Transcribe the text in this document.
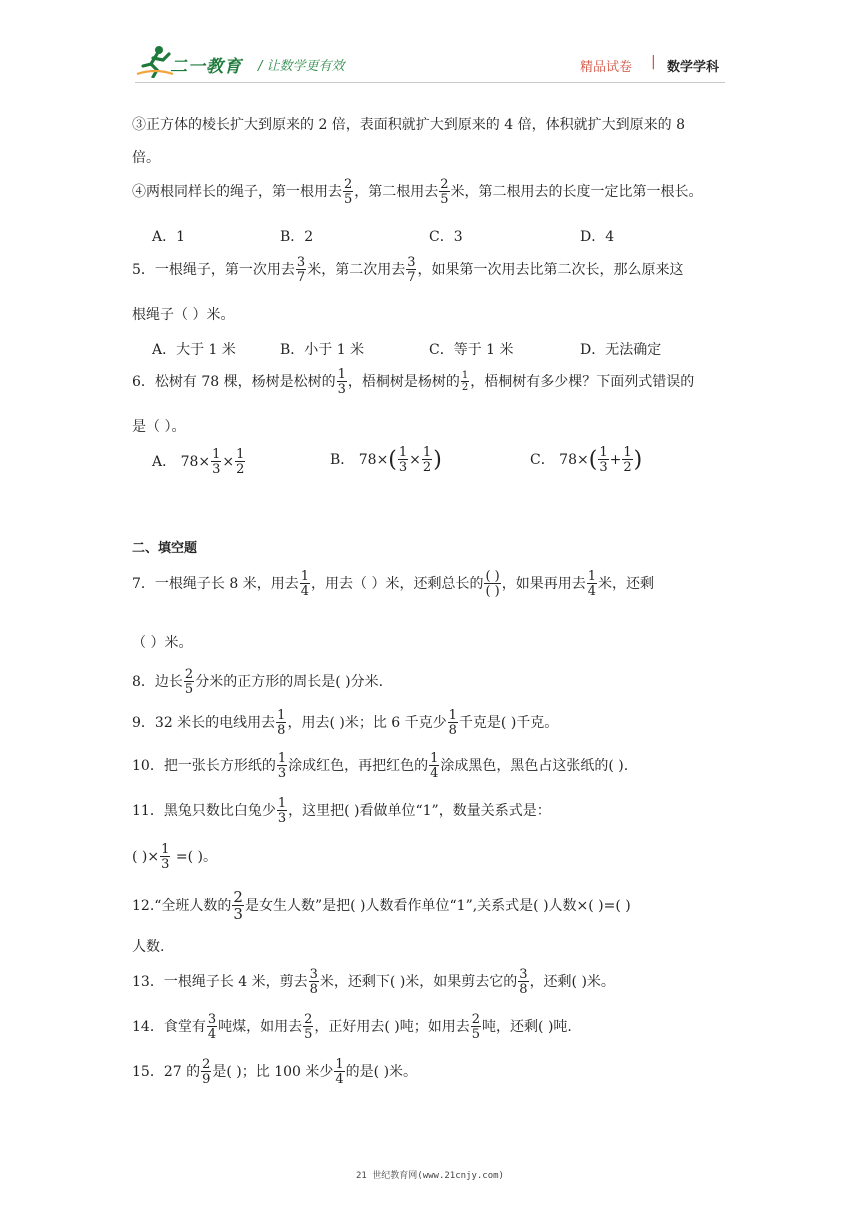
二一教育 / 让数学更有效	精品试卷 | 数学学科
③正方体的棱长扩大到原来的 2 倍，表面积就扩大到原来的 4 倍，体积就扩大到原来的 8
倍。
④两根同样长的绳子，第一根用去 $\frac{2}{5}$ ，第二根用去 $\frac{2}{5}$ 米，第二根用去的长度一定比第一根长。
A．1	B．2	C．3	D．4
5．一根绳子，第一次用去 $\frac{3}{7}$ 米，第二次用去 $\frac{3}{7}$ ，如果第一次用去比第二次长，那么原来这
根绳子（ ）米。
A．大于 1 米	B．小于 1 米	C．等于 1 米	D．无法确定
6．松树有 78 棵，杨树是松树的 $\frac{1}{3}$ ，梧桐树是杨树的 $\frac{1}{2}$ ，梧桐树有多少棵？下面列式错误的
是（ ）。
A． $78\times \frac{1}{3} \times \frac{1}{2}$	B． $78\times( \frac{1}{3} \times \frac{1}{2}$ )	C． $78\times( \frac{1}{3} + \frac{1}{2}$ )
二、填空题
7．一根绳子长 8 米，用去 $\frac{1}{4}$ ，用去（ ）米，还剩总长的 $\frac{( )}{( )}$ ，如果再用去 $\frac{1}{4}$ 米，还剩
（ ）米。
8．边长 $\frac{2}{5}$ 分米的正方形的周长是( )分米.
9．32 米长的电线用去 $\frac{1}{8}$ ，用去( )米；比 6 千克少 $\frac{1}{8}$ 千克是( )千克。
10．把一张长方形纸的 $\frac{1}{3}$ 涂成红色，再把红色的 $\frac{1}{4}$ 涂成黑色，黑色占这张纸的( ).
11．黑兔只数比白兔少 $\frac{1}{3}$ ，这里把( )看做单位“1”，数量关系式是：
( )× $\frac{1}{3}$ =( )。
12.“全班人数的 $\frac{2}{3}$ 是女生人数”是把( )人数看作单位“1”,关系式是( )人数×( )=( )
人数.
13．一根绳子长 4 米，剪去 $\frac{3}{8}$ 米，还剩下( )米，如果剪去它的 $\frac{3}{8}$ ，还剩( )米。
14．食堂有 $\frac{3}{4}$ 吨煤，如用去 $\frac{2}{5}$ ，正好用去( )吨；如用去 $\frac{2}{5}$ 吨，还剩( )吨.
15．27 的 $\frac{2}{9}$ 是( )；比 100 米少 $\frac{1}{4}$ 的是( )米。
21 世纪教育网(www.21cnjy.com)
